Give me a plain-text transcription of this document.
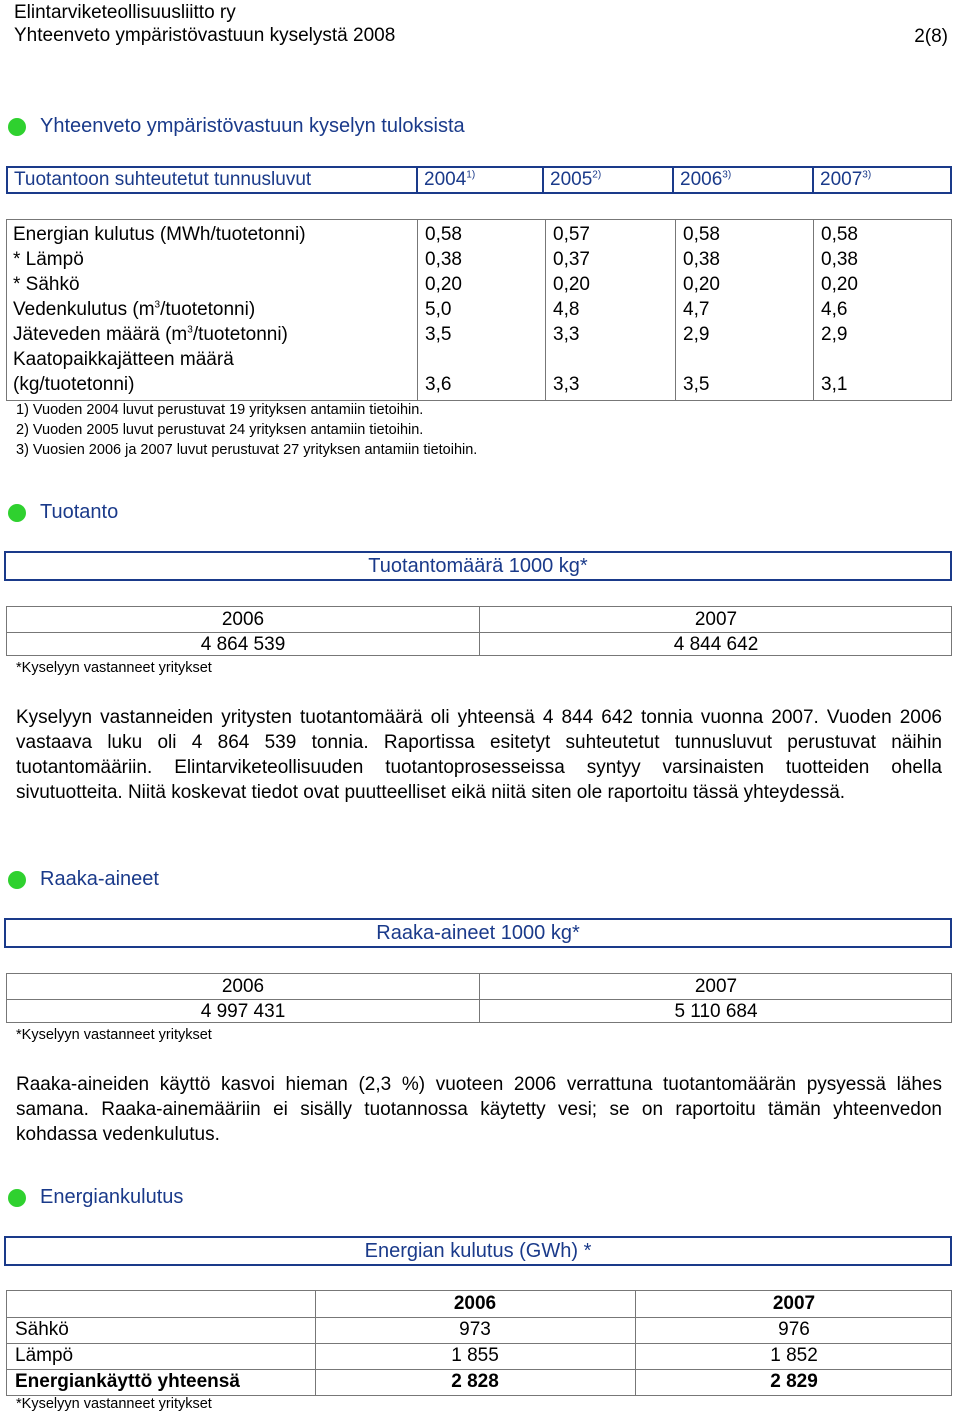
Elintarviketeollisuusliitto ry
Yhteenveto ympäristövastuun kyselystä 2008	2(8)
Yhteenveto ympäristövastuun kyselyn tuloksista
Tuotantoon suhteutetut tunnusluvut	2004$^{1)}$	2005$^{2)}$	2006$^{3)}$	2007$^{3)}$
Energian kulutus (MWh/tuotetonni)	0,58	0,57	0,58	0,58
* Lämpö	0,38	0,37	0,38	0,38
* Sähkö	0,20	0,20	0,20	0,20
Vedenkulutus $(m^3/tuotetonni)$	5,0	4,8	4,7	4,6
Jäteveden määrä $(m^3/tuotetonni)$	3,5	3,3	2,9	2,9
Kaatopaikkajätteen määrä
(kg/tuotetonni)	3,6	3,3	3,5	3,1
1) Vuoden 2004 luvut perustuvat 19 yrityksen antamiin tietoihin.
2) Vuoden 2005 luvut perustuvat 24 yrityksen antamiin tietoihin.
3) Vuosien 2006 ja 2007 luvut perustuvat 27 yrityksen antamiin tietoihin.
Tuotanto
Tuotantomäärä 1000 kg*
2006	2007
4 864 539	4 844 642
*Kyselyyn vastanneet yritykset
Kyselyyn vastanneiden yritysten tuotantomäärä oli yhteensä 4 844 642 tonnia vuonna 2007. Vuoden 2006 vastaava luku oli 4 864 539 tonnia. Raportissa esitetyt suhteutetut tunnusluvut perustuvat näihin tuotantomääriin. Elintarviketeollisuuden tuotantoprosesseissa syntyy varsinaisten tuotteiden ohella sivutuotteita. Niitä koskevat tiedot ovat puutteelliset eikä niitä siten ole raportoitu tässä yhteydessä.
Raaka-aineet
Raaka-aineet 1000 kg*
2006	2007
4 997 431	5 110 684
*Kyselyyn vastanneet yritykset
Raaka-aineiden käyttö kasvoi hieman (2,3 %) vuoteen 2006 verrattuna tuotantomäärän pysyessä lähes samana. Raaka-ainemääriin ei sisälly tuotannossa käytetty vesi; se on raportoitu tämän yhteenvedon kohdassa vedenkulutus.
Energiankulutus
Energian kulutus (GWh) *
2006	2007
Sähkö	973	976
Lämpö	1 855	1 852
Energiankäyttö yhteensä	2 828	2 829
*Kyselyyn vastanneet yritykset
